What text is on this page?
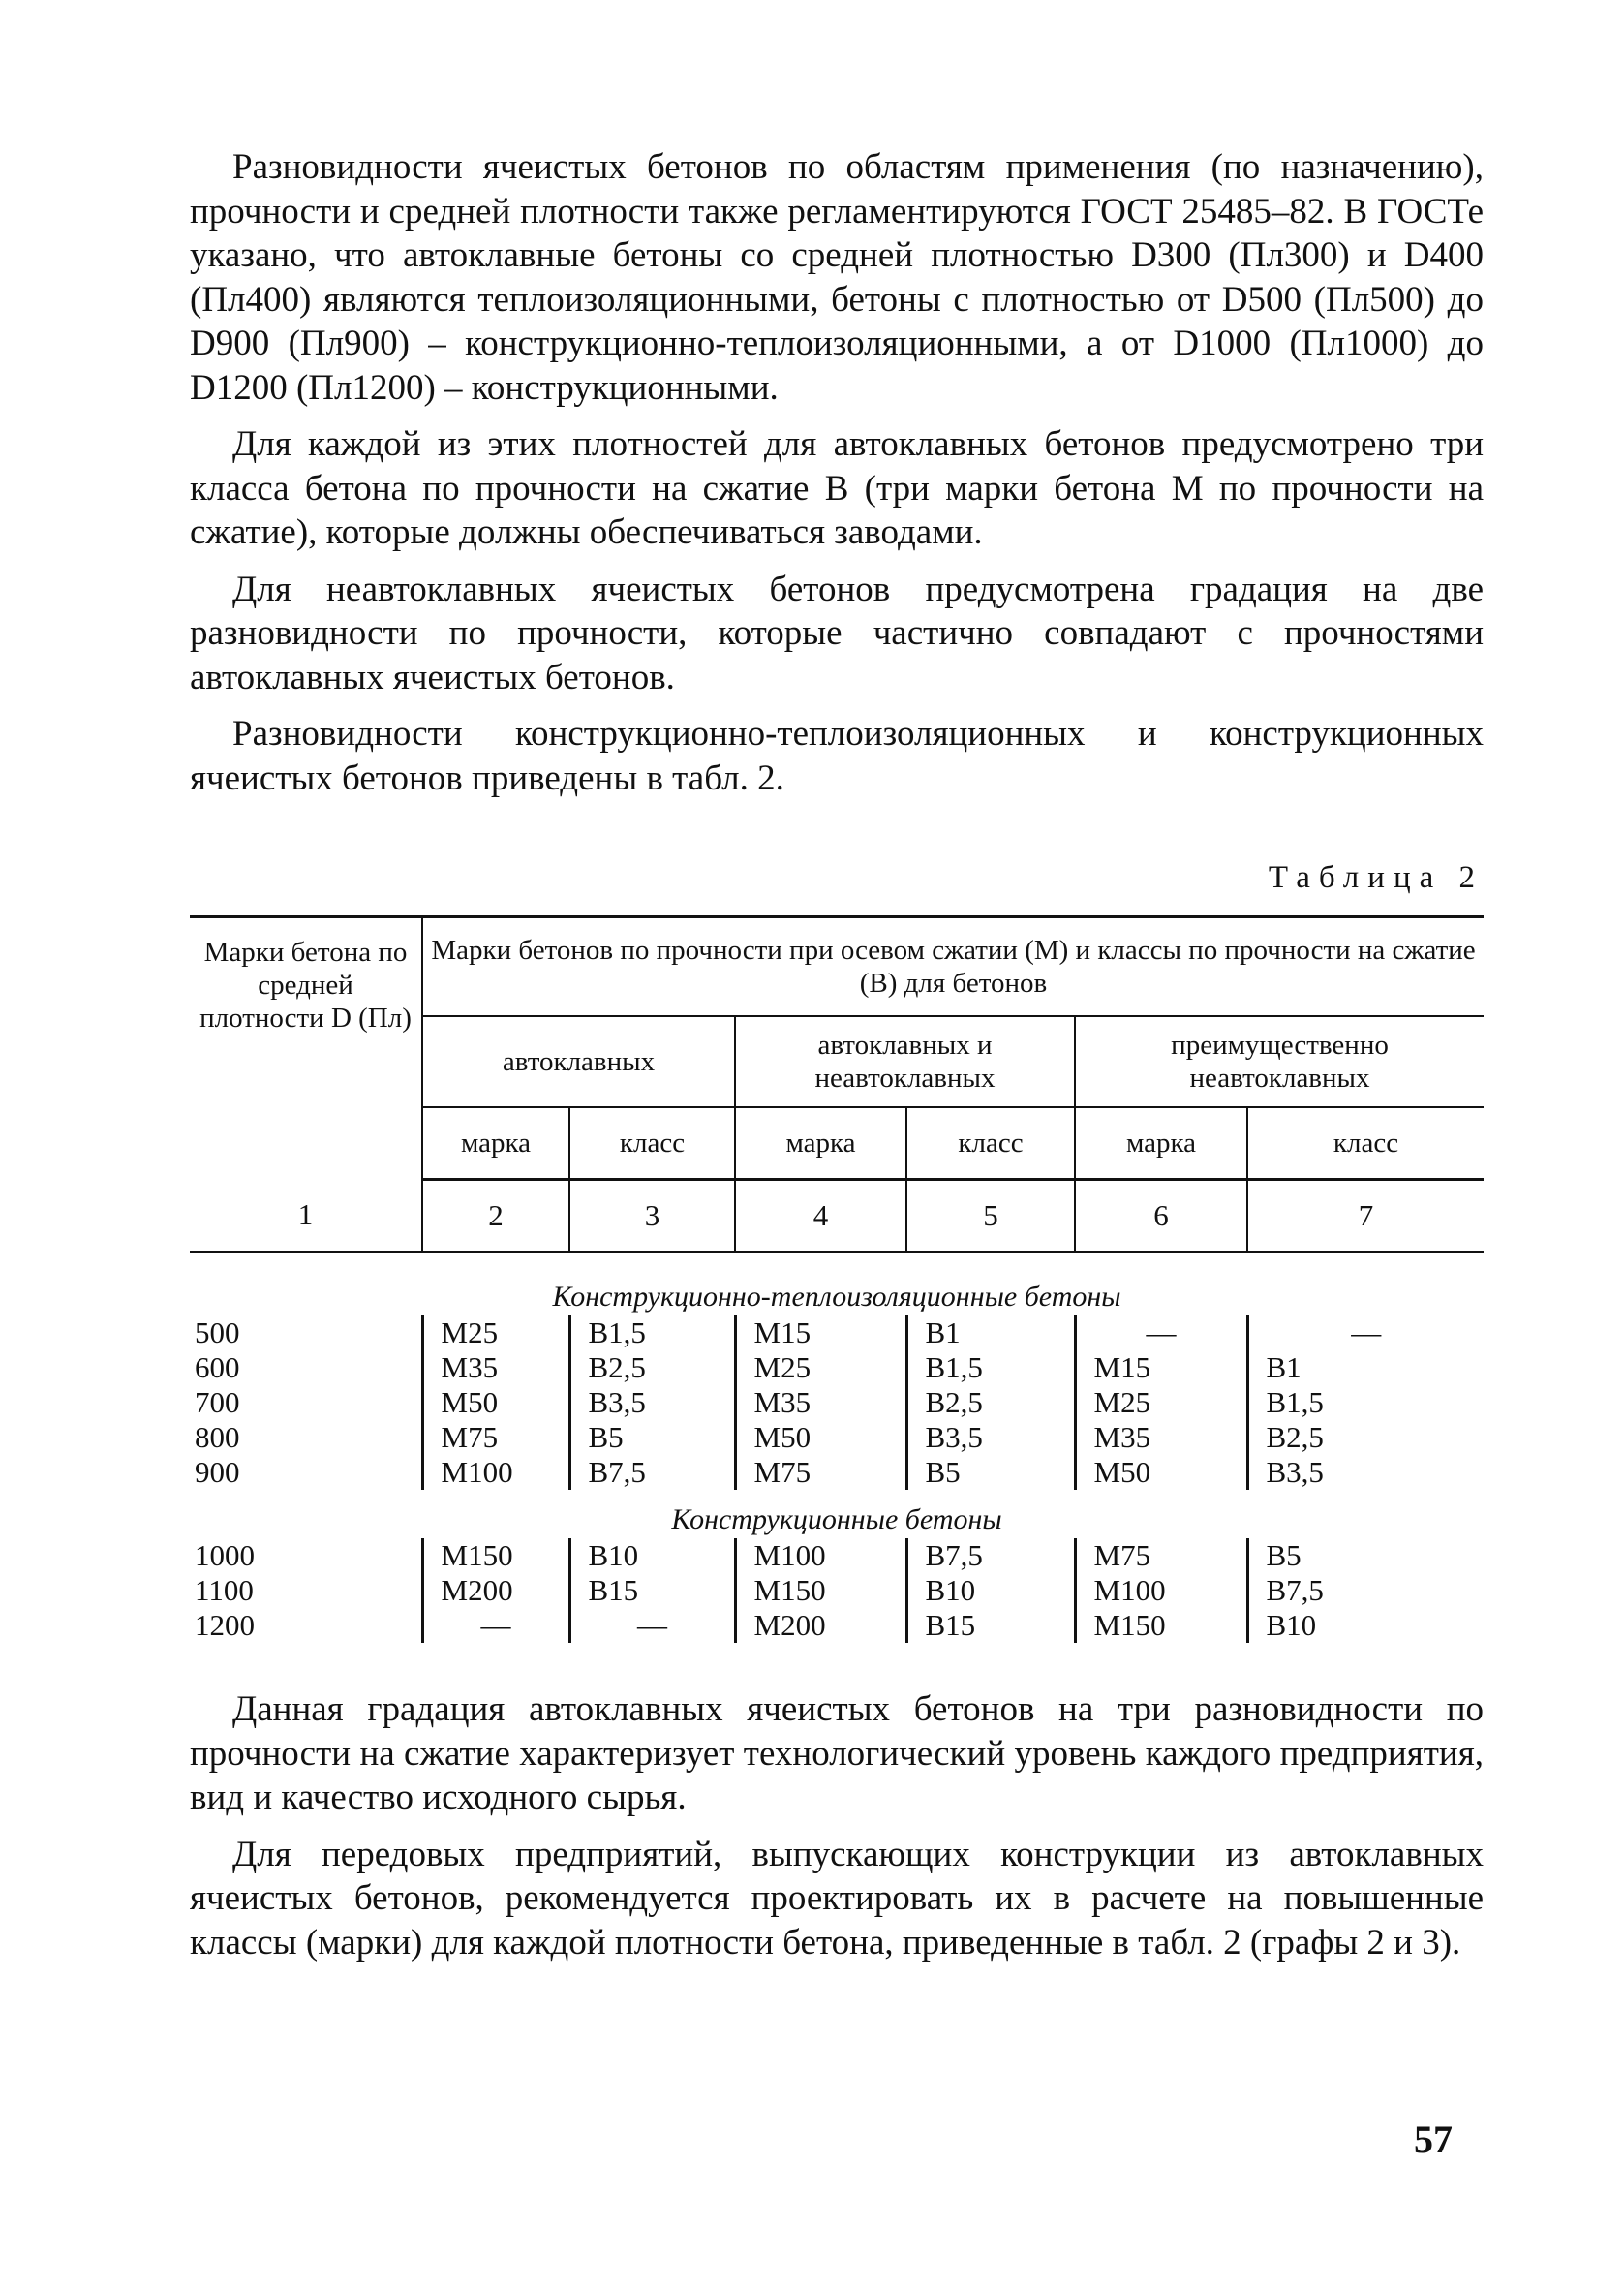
Разновидности ячеистых бетонов по областям применения (по назначению), прочности и средней плотности также регламентируются ГОСТ 25485–82. В ГОСТе указано, что автоклавные бетоны со средней плотностью D300 (Пл300) и D400 (Пл400) являются теплоизоляционными, бетоны с плотностью от D500 (Пл500) до D900 (Пл900) – конструкционно-теплоизоляционными, а от D1000 (Пл1000) до D1200 (Пл1200) – конструкционными.

Для каждой из этих плотностей для автоклавных бетонов предусмотрено три класса бетона по прочности на сжатие В (три марки бетона М по прочности на сжатие), которые должны обеспечиваться заводами.

Для неавтоклавных ячеистых бетонов предусмотрена градация на две разновидности по прочности, которые частично совпадают с прочностями автоклавных ячеистых бетонов.

Разновидности конструкционно-теплоизоляционных и конструкционных ячеистых бетонов приведены в табл. 2.

Таблица 2
Марки бетона по средней плотности D (Пл)	Марки бетонов по прочности при осевом сжатии (М) и классы по прочности на сжатие (В) для бетонов					
	автоклавных		автоклавных и неавтоклавных		преимущественно неавтоклавных	
	марка	класс	марка	класс	марка	класс
1	2	3	4	5	6	7
Конструкционно-теплоизоляционные бетоны						
500	М25	В1,5	М15	В1	—	—
600	М35	В2,5	М25	В1,5	М15	В1
700	М50	В3,5	М35	В2,5	М25	В1,5
800	М75	В5	М50	В3,5	М35	В2,5
900	М100	В7,5	М75	В5	М50	В3,5
Конструкционные бетоны						
1000	М150	В10	М100	В7,5	М75	В5
1100	М200	В15	М150	В10	М100	В7,5
1200	—	—	М200	В15	М150	В10

Данная градация автоклавных ячеистых бетонов на три разновидности по прочности на сжатие характеризует технологический уровень каждого предприятия, вид и качество исходного сырья.

Для передовых предприятий, выпускающих конструкции из автоклавных ячеистых бетонов, рекомендуется проектировать их в расчете на повышенные классы (марки) для каждой плотности бетона, приведенные в табл. 2 (графы 2 и 3).

57
